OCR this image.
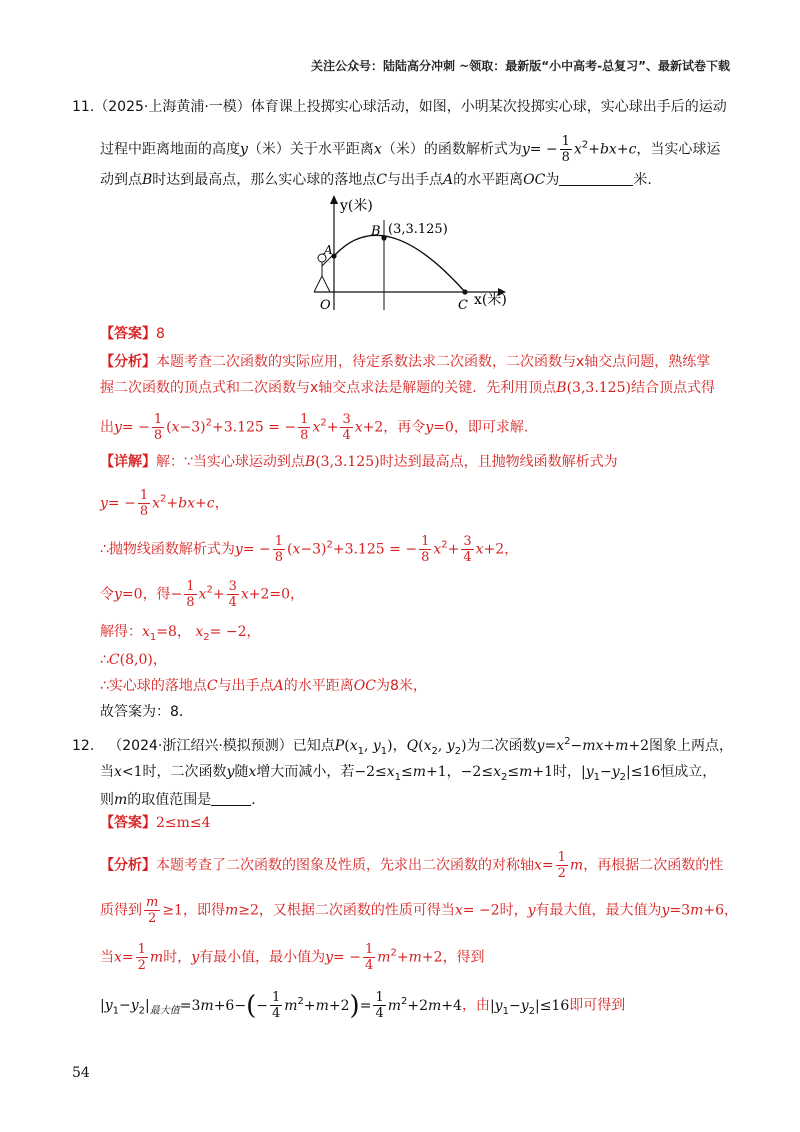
关注公众号：陆陆高分冲刺 ~领取：最新版“小中高考-总复习”、最新试卷下载
11.（2025·上海黄浦·一模）体育课上投掷实心球活动，如图，小明某次投掷实心球，实心球出手后的运动
过程中距离地面的高度y（米）关于水平距离x（米）的函数解析式为$y= - \frac{1}{8} x^2+bx+c$，当实心球运
动到点B时达到最高点，那么实心球的落地点C与出手点A的水平距离OC为	米.
y(米)
x(米)
B (3,3.125)
A
O	C
【答案】8
【分析】本题考查二次函数的实际应用，待定系数法求二次函数，二次函数与x轴交点问题，熟练掌
握二次函数的顶点式和二次函数与x轴交点求法是解题的关键．先利用顶点B(3,3.125)结合顶点式得
出$y= - \frac{1}{8} (x-3)^2+3.125$ = − $\frac{1}{8} x^2+ \frac{3}{4} x+2$，再令y=0，即可求解.
【详解】解：∵当实心球运动到点B(3,3.125)时达到最高点，且抛物线函数解析式为
$y= - \frac{1}{8} x^2+bx+c$，
∴抛物线函数解析式为$y= - \frac{1}{8} (x-3)^2+3.125$ = − $\frac{1}{8} x^2+ \frac{3}{4} x+2$，
令y=0，得− $\frac{1}{8} x^2+ \frac{3}{4} x+2=0$，
解得：$x_1=8$， $x_2= -2$，
∴C(8,0)，
∴实心球的落地点C与出手点A的水平距离OC为8米，
故答案为：8．
12. （2024·浙江绍兴·模拟预测）已知点$P(x_1$, $y_1$)，$Q(x_2$, $y_2$)为二次函数$y=x^2-mx+m+2$图象上两点，
当x<1时，二次函数y随x增大而减小，若$-2\le x_1\le m+1$，$-2\le x_2\le m+1$时，$|y_1-y_2|\le 16$恒成立，
则m的取值范围是	.
【答案】2≤m≤4
【分析】本题考查了二次函数的图象及性质，先求出二次函数的对称轴$x= \frac{1}{2}$ m，再根据二次函数的性
质得到 $\frac{m}{2} \ge 1$，即得m≥2，又根据二次函数的性质可得当x= −2时，y有最大值，最大值为y=3m+6，
当$x= \frac{1}{2}$ m时，y有最小值，最小值为$y= - \frac{1}{4} m^2+m+2$，得到
$|y_1-y_2|_{最大值}=3m+6-(- \frac{1}{4} m^2+m+2)= \frac{1}{4} m^2+2m+4$，由$|y_1-y_2|\le 16$即可得到
54
